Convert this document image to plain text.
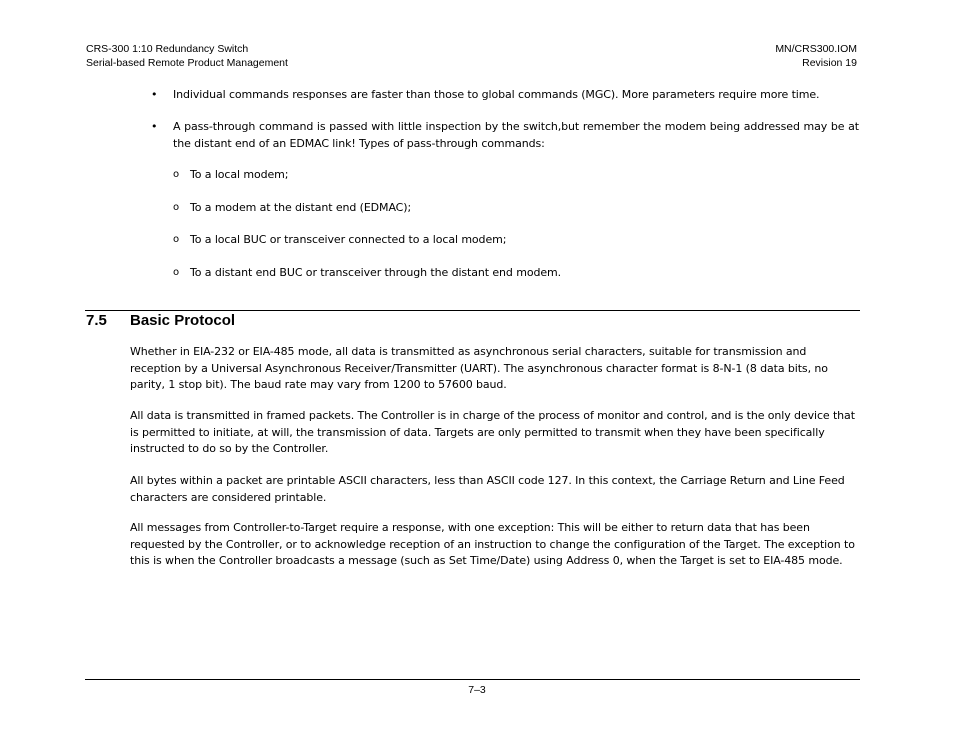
CRS-300 1:10 Redundancy Switch
Serial-based Remote Product Management
MN/CRS300.IOM
Revision 19
• Individual commands responses are faster than those to global commands (MGC). More parameters require more time.
• A pass-through command is passed with little inspection by the switch,but remember the modem being addressed may be at the distant end of an EDMAC link! Types of pass-through commands:
o To a local modem;
o To a modem at the distant end (EDMAC);
o To a local BUC or transceiver connected to a local modem;
o To a distant end BUC or transceiver through the distant end modem.
7.5 Basic Protocol

Whether in EIA-232 or EIA-485 mode, all data is transmitted as asynchronous serial characters, suitable for transmission and reception by a Universal Asynchronous Receiver/Transmitter (UART). The asynchronous character format is 8-N-1 (8 data bits, no parity, 1 stop bit). The baud rate may vary from 1200 to 57600 baud.

All data is transmitted in framed packets. The Controller is in charge of the process of monitor and control, and is the only device that is permitted to initiate, at will, the transmission of data. Targets are only permitted to transmit when they have been specifically instructed to do so by the Controller.

All bytes within a packet are printable ASCII characters, less than ASCII code 127. In this context, the Carriage Return and Line Feed characters are considered printable.

All messages from Controller-to-Target require a response, with one exception: This will be either to return data that has been requested by the Controller, or to acknowledge reception of an instruction to change the configuration of the Target. The exception to this is when the Controller broadcasts a message (such as Set Time/Date) using Address 0, when the Target is set to EIA-485 mode.

7–3
